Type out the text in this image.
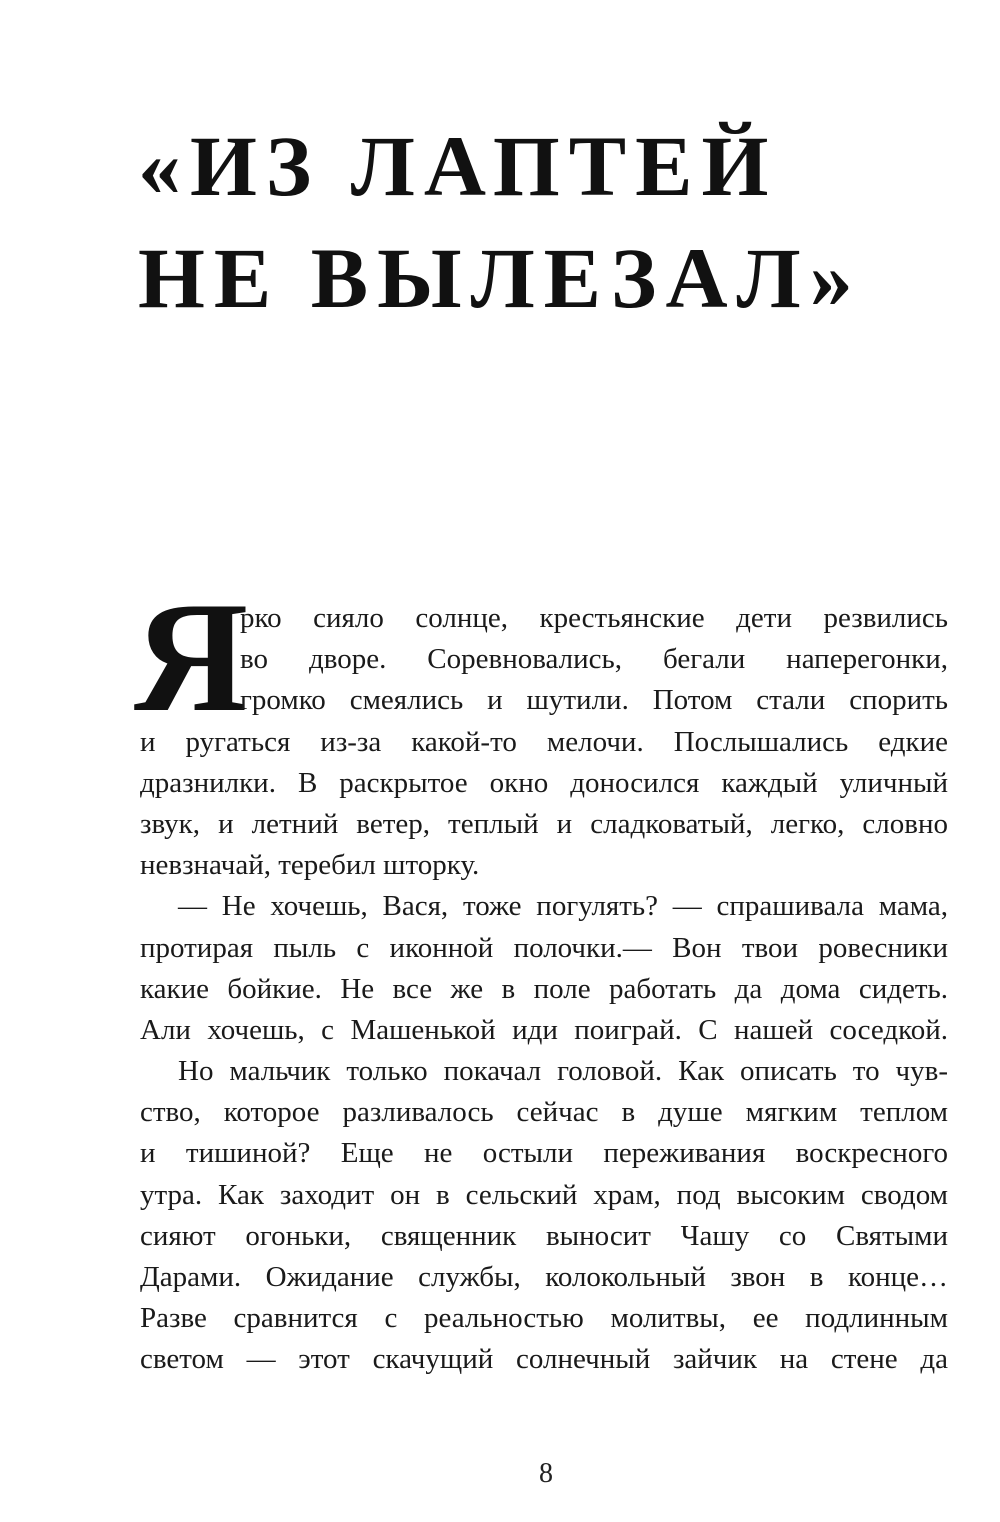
«ИЗ ЛАПТЕЙ
НЕ ВЫЛЕЗАЛ»
Я
рко сияло солнце, крестьянские дети резвились
во дворе. Соревновались, бегали наперегонки,
громко смеялись и шутили. Потом стали спорить
и ругаться из-за какой-то мелочи. Послышались едкие
дразнилки. В раскрытое окно доносился каждый уличный
звук, и летний ветер, теплый и сладковатый, легко, словно
невзначай, теребил шторку.
— Не хочешь, Вася, тоже погулять? — спрашивала мама,
протирая пыль с иконной полочки.— Вон твои ровесники
какие бойкие. Не все же в поле работать да дома сидеть.
Али хочешь, с Машенькой иди поиграй. С нашей соседкой.
Но мальчик только покачал головой. Как описать то чув-
ство, которое разливалось сейчас в душе мягким теплом
и тишиной? Еще не остыли переживания воскресного
утра. Как заходит он в сельский храм, под высоким сводом
сияют огоньки, священник выносит Чашу со Святыми
Дарами. Ожидание службы, колокольный звон в конце…
Разве сравнится с реальностью молитвы, ее подлинным
светом — этот скачущий солнечный зайчик на стене да
8
